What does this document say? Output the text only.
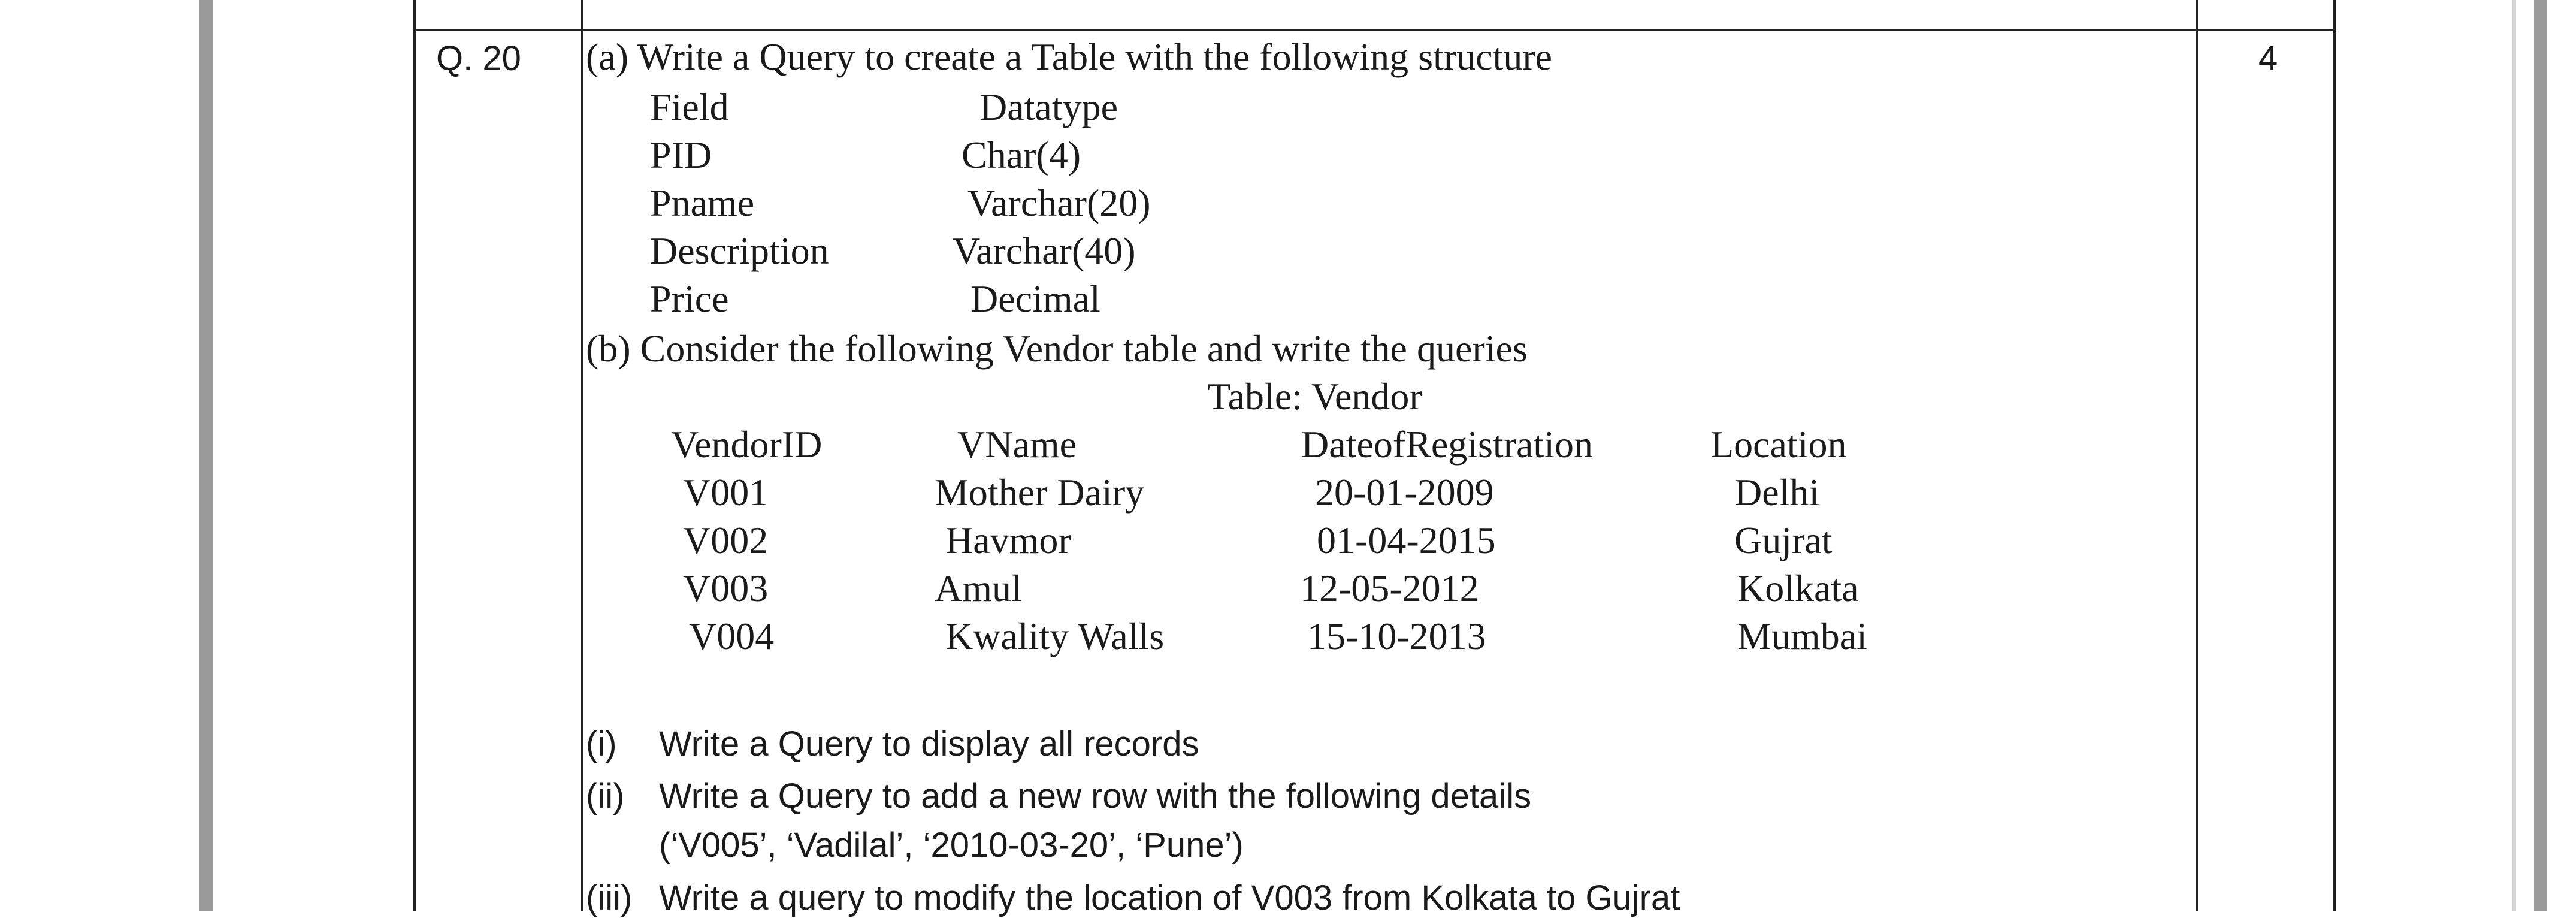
Q. 20	4
(a) Write a Query to create a Table with the following structure
Field	Datatype
PID	Char(4)
Pname	Varchar(20)
Description	Varchar(40)
Price	Decimal
(b) Consider the following Vendor table and write the queries
Table: Vendor
VendorID	VName	DateofRegistration	Location
V001	Mother Dairy	20-01-2009	Delhi
V002	Havmor	01-04-2015	Gujrat
V003	Amul	12-05-2012	Kolkata
V004	Kwality Walls	15-10-2013	Mumbai
(i) Write a Query to display all records
(ii) Write a Query to add a new row with the following details
(‘V005’, ‘Vadilal’, ‘2010-03-20’, ‘Pune’)
(iii) Write a query to modify the location of V003 from Kolkata to Gujrat
